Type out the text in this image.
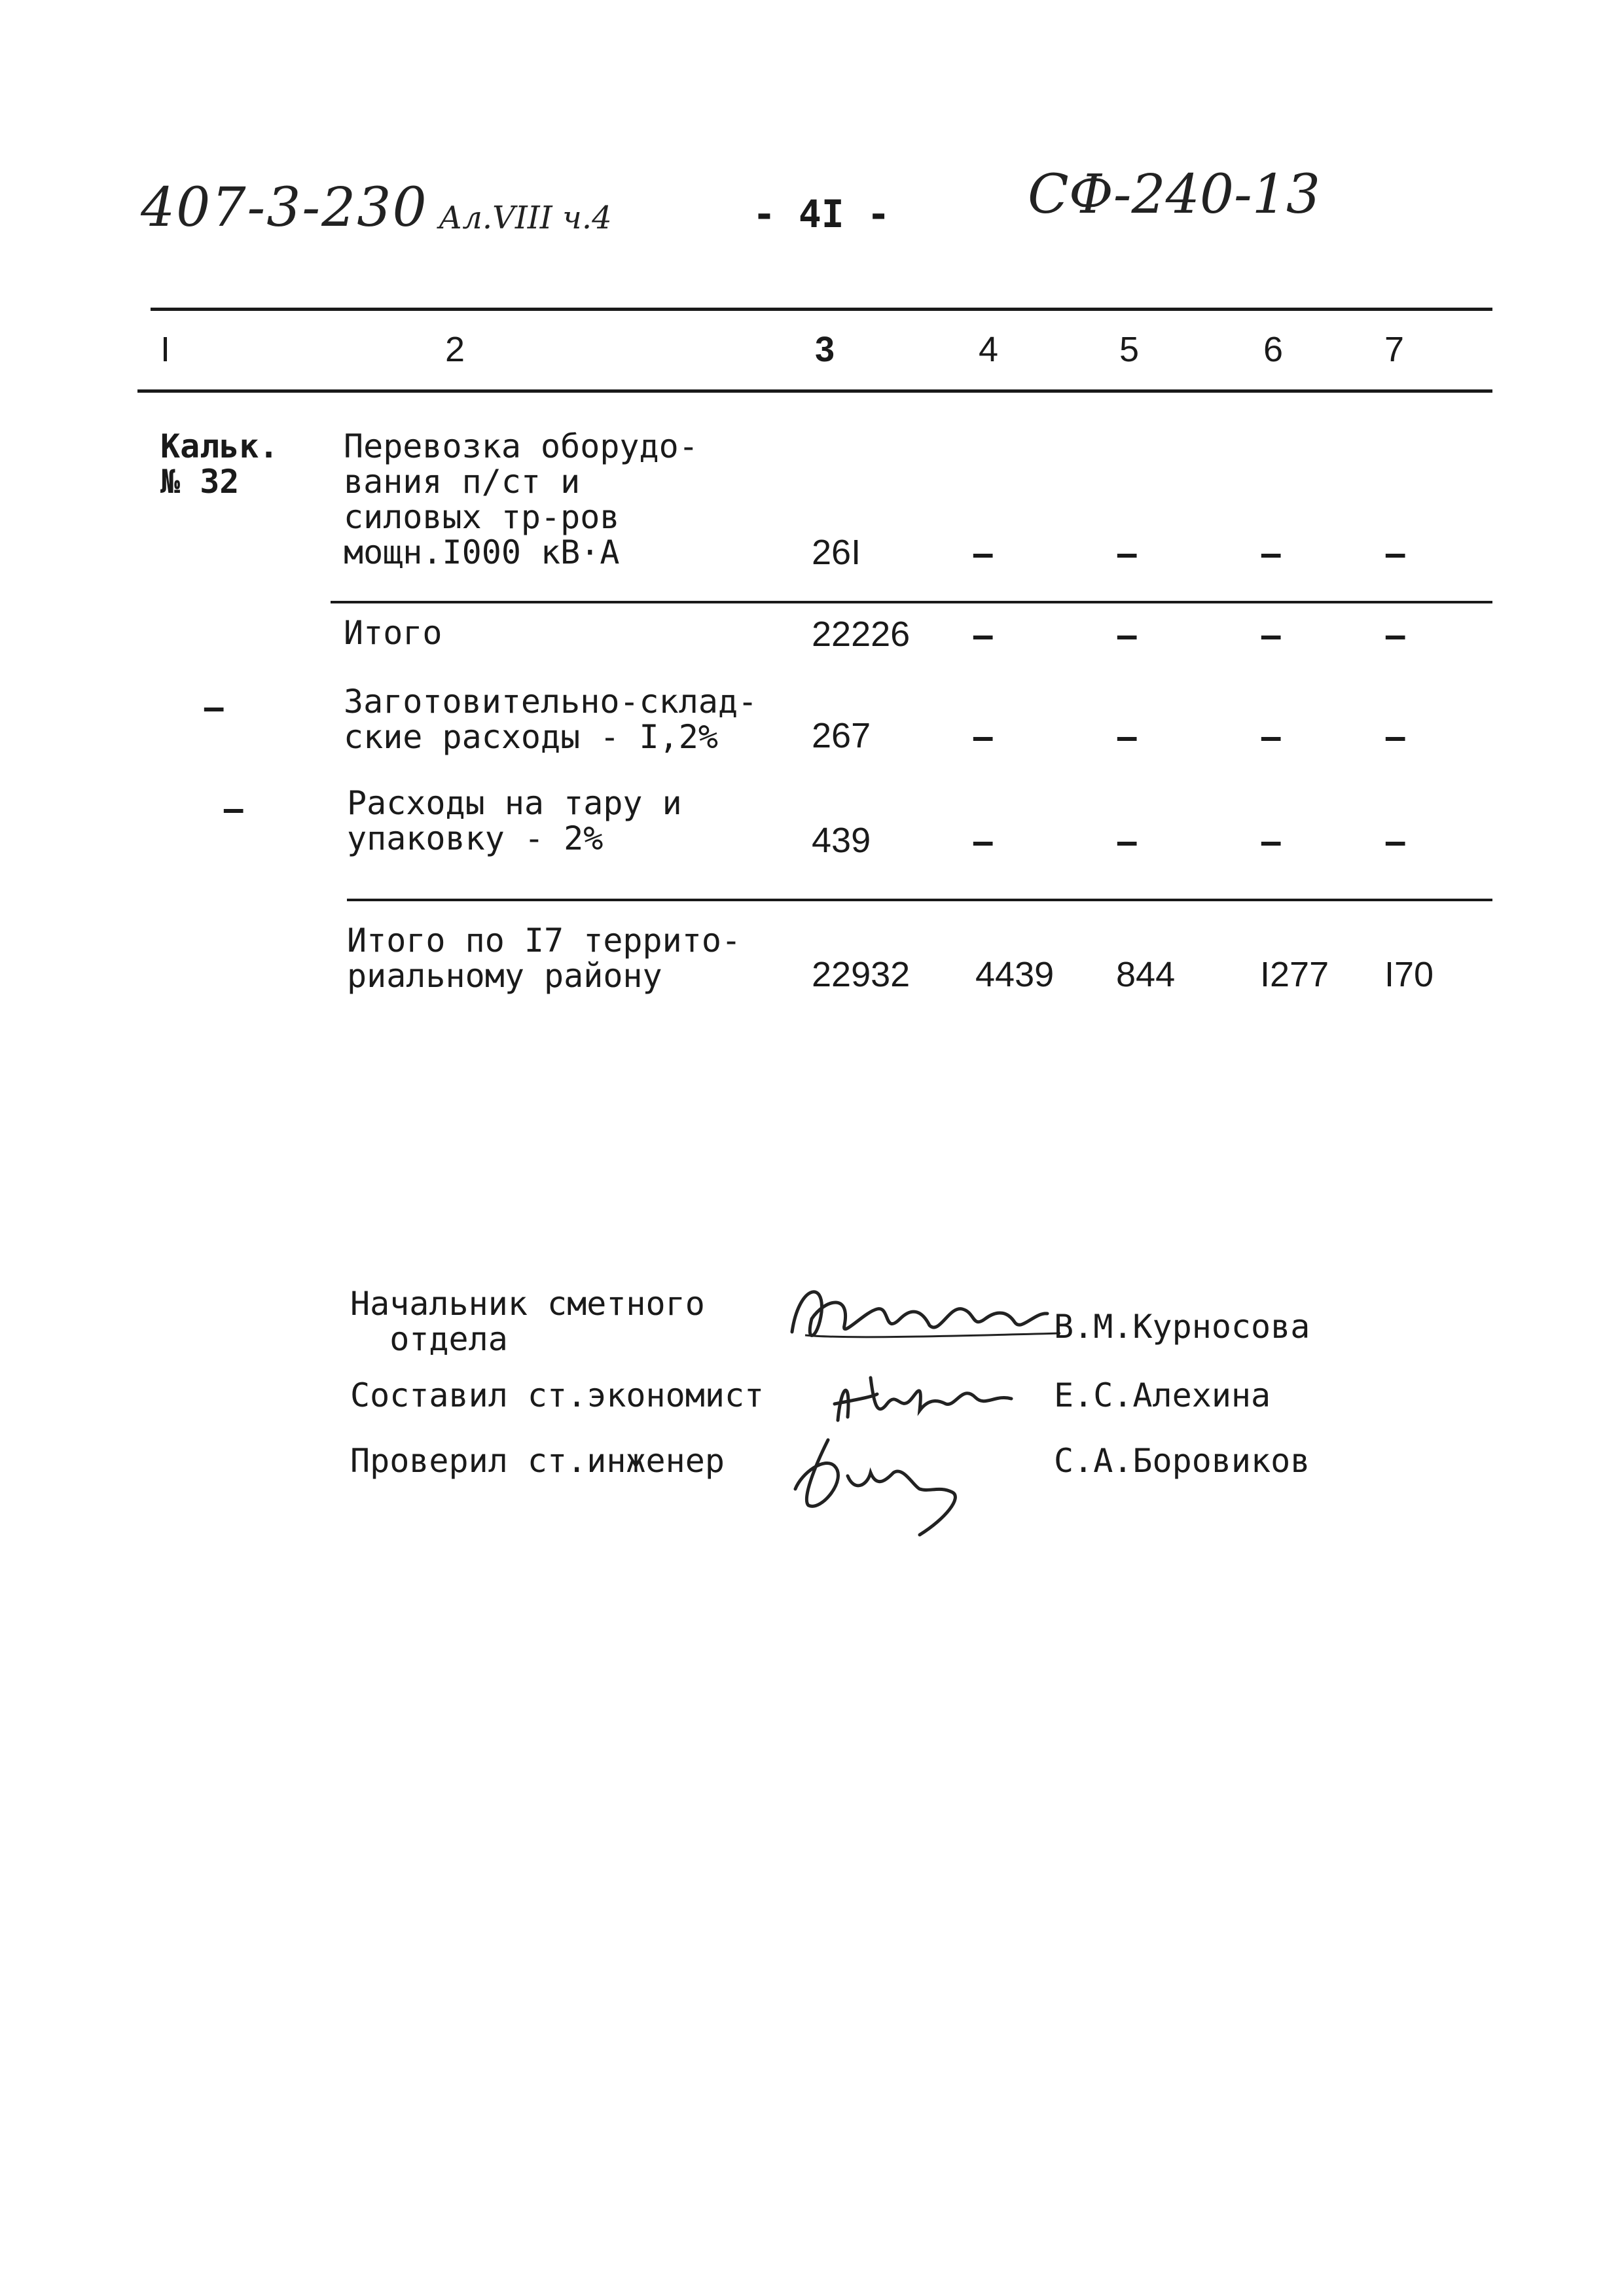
407-3-230 Ал.VIII ч.4	- 4I -	СФ-240-13
I	2	3	4	5	6	7
Кальк.
№ 32
Перевозка оборудо-
вания п/ст и
силовых тр-ров
мощн.I000 кВ·А	26I	–	–	–	–
Итого	22226 –	–	–	–
–	Заготовительно-склад-
ские расходы - I,2%	267	–	–	–	–
–	Расходы на тару и
упаковку - 2%	439	–	–	–	–
Итого по I7 террито-
риальному району	22932 4439 844 I277 I70
Начальник сметного
отдела	В.М.Курносова
Составил ст.экономист	Е.С.Алехина
Проверил ст.инженер	С.А.Боровиков
